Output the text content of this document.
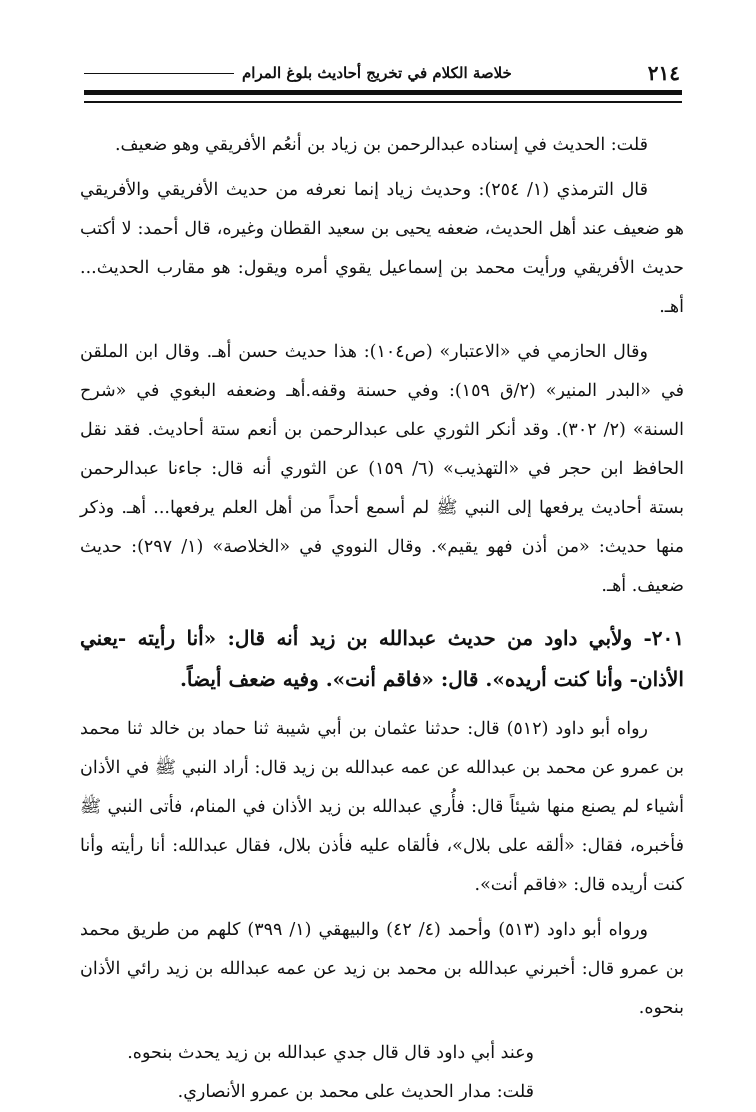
٢١٤
خلاصة الكلام في تخريج أحاديث بلوغ المرام

قلت: الحديث في إسناده عبدالرحمن بن زياد بن أنعُم الأفريقي وهو ضعيف.

قال الترمذي (١/ ٢٥٤): وحديث زياد إنما نعرفه من حديث الأفريقي والأفريقي هو ضعيف عند أهل الحديث، ضعفه يحيى بن سعيد القطان وغيره، قال أحمد: لا أكتب حديث الأفريقي ورأيت محمد بن إسماعيل يقوي أمره ويقول: هو مقارب الحديث... أهـ.

وقال الحازمي في «الاعتبار» (ص١٠٤): هذا حديث حسن أهـ. وقال ابن الملقن في «البدر المنير» (٢/ق ١٥٩): وفي حسنة وقفه.أهـ وضعفه البغوي في «شرح السنة» (٢/ ٣٠٢). وقد أنكر الثوري على عبدالرحمن بن أنعم ستة أحاديث. فقد نقل الحافظ ابن حجر في «التهذيب» (٦/ ١٥٩) عن الثوري أنه قال: جاءنا عبدالرحمن بستة أحاديث يرفعها إلى النبي ﷺ لم أسمع أحداً من أهل العلم يرفعها... أهـ. وذكر منها حديث: «من أذن فهو يقيم». وقال النووي في «الخلاصة» (١/ ٢٩٧): حديث ضعيف. أهـ.

٢٠١- ولأبي داود من حديث عبدالله بن زيد أنه قال: «أنا رأيته -يعني الأذان- وأنا كنت أريده». قال: «فاقم أنت». وفيه ضعف أيضاً.

رواه أبو داود (٥١٢) قال: حدثنا عثمان بن أبي شيبة ثنا حماد بن خالد ثنا محمد بن عمرو عن محمد بن عبدالله عن عمه عبدالله بن زيد قال: أراد النبي ﷺ في الأذان أشياء لم يصنع منها شيئاً قال: فأُري عبدالله بن زيد الأذان في المنام، فأتى النبي ﷺ فأخبره، فقال: «ألقه على بلال»، فألقاه عليه فأذن بلال، فقال عبدالله: أنا رأيته وأنا كنت أريده قال: «فاقم أنت».

ورواه أبو داود (٥١٣) وأحمد (٤/ ٤٢) والبيهقي (١/ ٣٩٩) كلهم من طريق محمد بن عمرو قال: أخبرني عبدالله بن محمد بن زيد عن عمه عبدالله بن زيد رائي الأذان بنحوه.

وعند أبي داود قال قال جدي عبدالله بن زيد يحدث بنحوه.

قلت: مدار الحديث على محمد بن عمرو الأنصاري.
